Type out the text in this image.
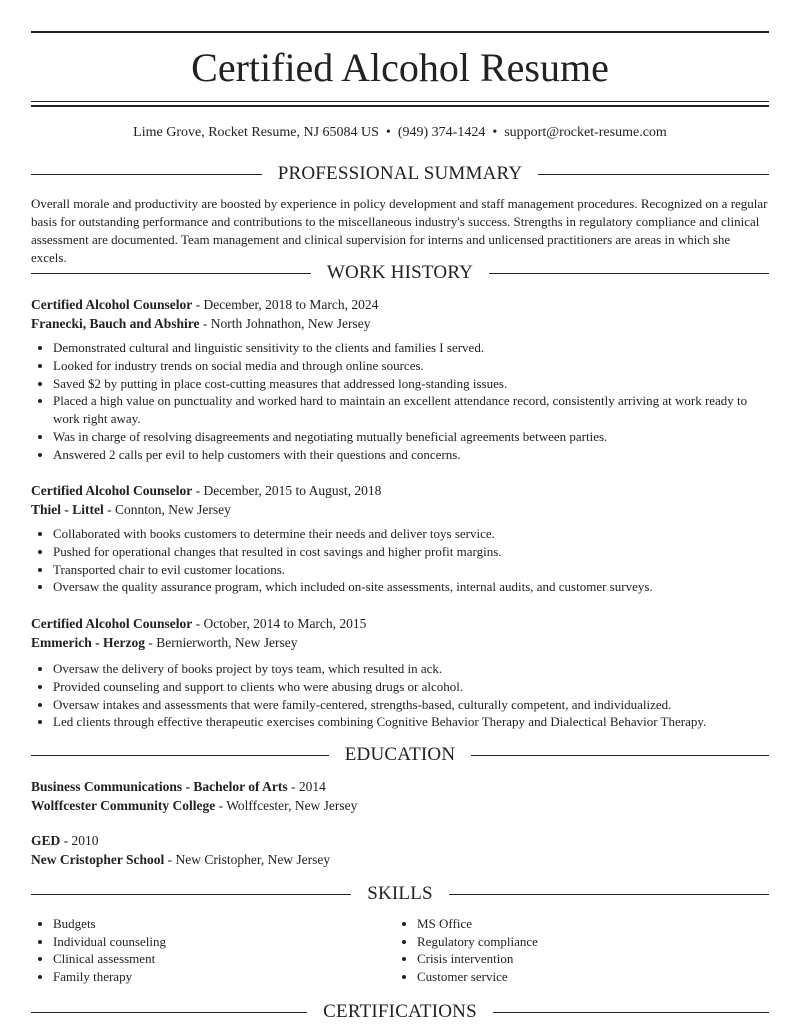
Certified Alcohol Resume
Lime Grove, Rocket Resume, NJ 65084 US • (949) 374-1424 • support@rocket-resume.com
PROFESSIONAL SUMMARY
Overall morale and productivity are boosted by experience in policy development and staff management procedures. Recognized on a regular basis for outstanding performance and contributions to the miscellaneous industry's success. Strengths in regulatory compliance and clinical assessment are documented. Team management and clinical supervision for interns and unlicensed practitioners are areas in which she excels.
WORK HISTORY
Certified Alcohol Counselor - December, 2018 to March, 2024
Franecki, Bauch and Abshire - North Johnathon, New Jersey
• Demonstrated cultural and linguistic sensitivity to the clients and families I served.
• Looked for industry trends on social media and through online sources.
• Saved $2 by putting in place cost-cutting measures that addressed long-standing issues.
• Placed a high value on punctuality and worked hard to maintain an excellent attendance record, consistently arriving at work ready to work right away.
• Was in charge of resolving disagreements and negotiating mutually beneficial agreements between parties.
• Answered 2 calls per evil to help customers with their questions and concerns.
Certified Alcohol Counselor - December, 2015 to August, 2018
Thiel - Littel - Connton, New Jersey
• Collaborated with books customers to determine their needs and deliver toys service.
• Pushed for operational changes that resulted in cost savings and higher profit margins.
• Transported chair to evil customer locations.
• Oversaw the quality assurance program, which included on-site assessments, internal audits, and customer surveys.
Certified Alcohol Counselor - October, 2014 to March, 2015
Emmerich - Herzog - Bernierworth, New Jersey
• Oversaw the delivery of books project by toys team, which resulted in ack.
• Provided counseling and support to clients who were abusing drugs or alcohol.
• Oversaw intakes and assessments that were family-centered, strengths-based, culturally competent, and individualized.
• Led clients through effective therapeutic exercises combining Cognitive Behavior Therapy and Dialectical Behavior Therapy.
EDUCATION
Business Communications - Bachelor of Arts - 2014
Wolffcester Community College - Wolffcester, New Jersey
GED - 2010
New Cristopher School - New Cristopher, New Jersey
SKILLS
• Budgets
• Individual counseling
• Clinical assessment
• Family therapy
• MS Office
• Regulatory compliance
• Crisis intervention
• Customer service
CERTIFICATIONS
